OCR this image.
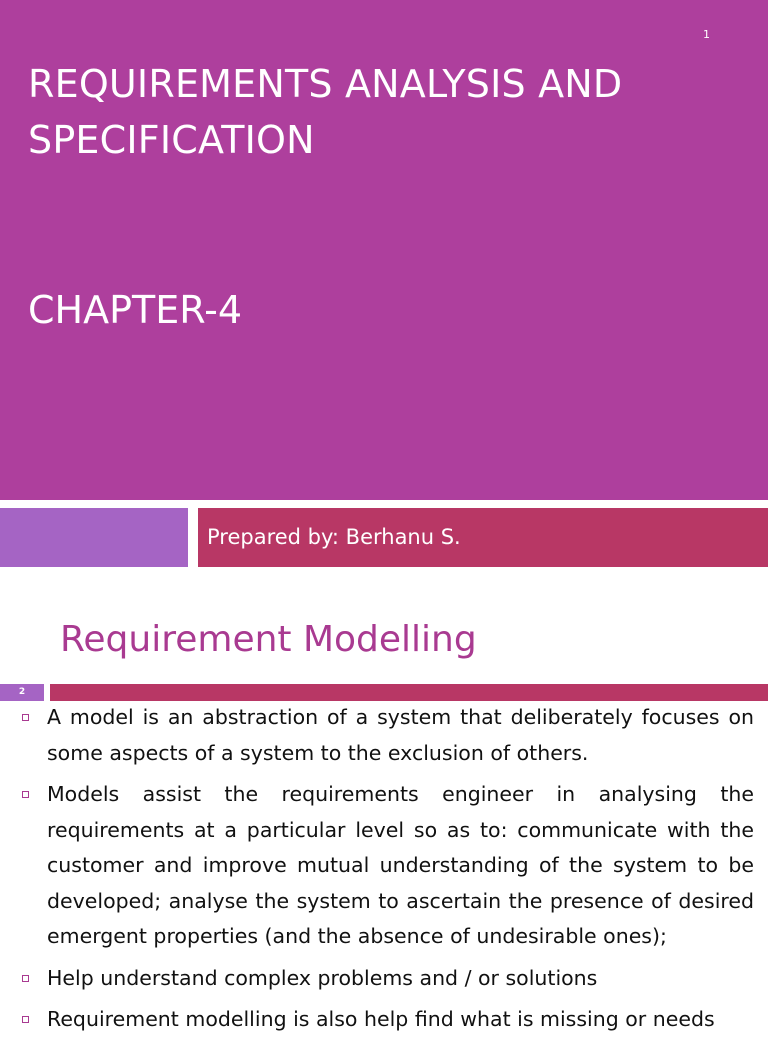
1
REQUIREMENTS ANALYSIS AND
SPECIFICATION
CHAPTER-4
Prepared by: Berhanu S.
Requirement Modelling
2
A model is an abstraction of a system that deliberately focuses on some aspects of a system to the exclusion of others.
Models assist the requirements engineer in analysing the requirements at a particular level so as to: communicate with the customer and improve mutual understanding of the system to be developed; analyse the system to ascertain the presence of desired emergent properties (and the absence of undesirable ones);
Help understand complex problems and / or solutions
Requirement modelling is also help find what is missing or needs
